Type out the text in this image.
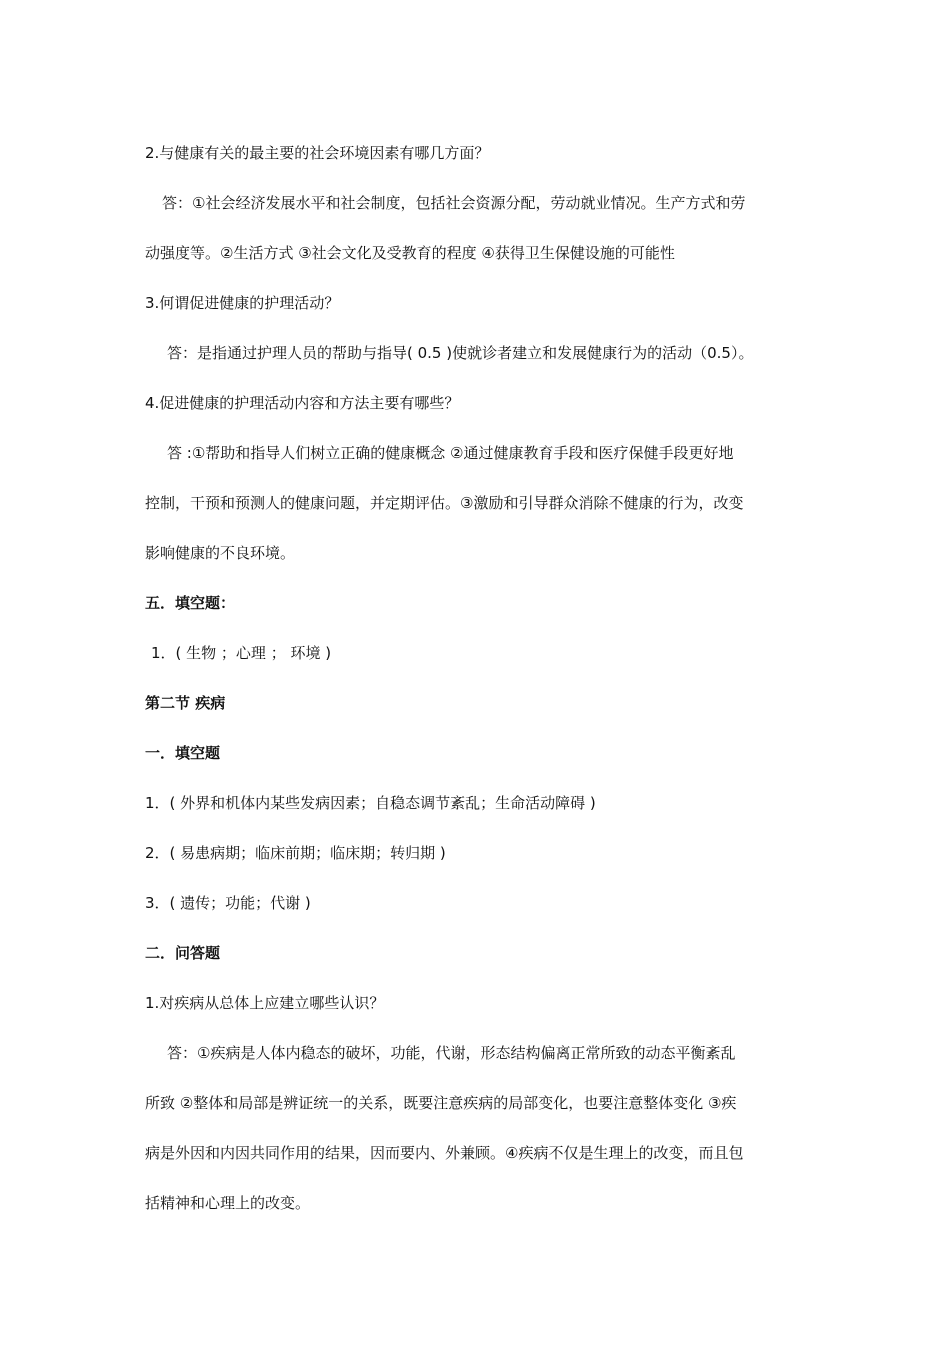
2.与健康有关的最主要的社会环境因素有哪几方面？
答：①社会经济发展水平和社会制度，包括社会资源分配，劳动就业情况。生产方式和劳
动强度等。②生活方式 ③社会文化及受教育的程度 ④获得卫生保健设施的可能性
3.何谓促进健康的护理活动？
答：是指通过护理人员的帮助与指导( 0.5 )使就诊者建立和发展健康行为的活动（0.5）。
4.促进健康的护理活动内容和方法主要有哪些？
答 :①帮助和指导人们树立正确的健康概念 ②通过健康教育手段和医疗保健手段更好地
控制，干预和预测人的健康问题，并定期评估。③激励和引导群众消除不健康的行为，改变
影响健康的不良环境。
五．填空题：
1．( 生物 ；心理 ； 环境 )
第二节 疾病
一．填空题
1．( 外界和机体内某些发病因素；自稳态调节紊乱；生命活动障碍 )
2．( 易患病期；临床前期；临床期；转归期 )
3．( 遗传；功能；代谢 )
二．问答题
1.对疾病从总体上应建立哪些认识？
答：①疾病是人体内稳态的破坏，功能，代谢，形态结构偏离正常所致的动态平衡紊乱
所致 ②整体和局部是辨证统一的关系，既要注意疾病的局部变化，也要注意整体变化 ③疾
病是外因和内因共同作用的结果，因而要内、外兼顾。④疾病不仅是生理上的改变，而且包
括精神和心理上的改变。
